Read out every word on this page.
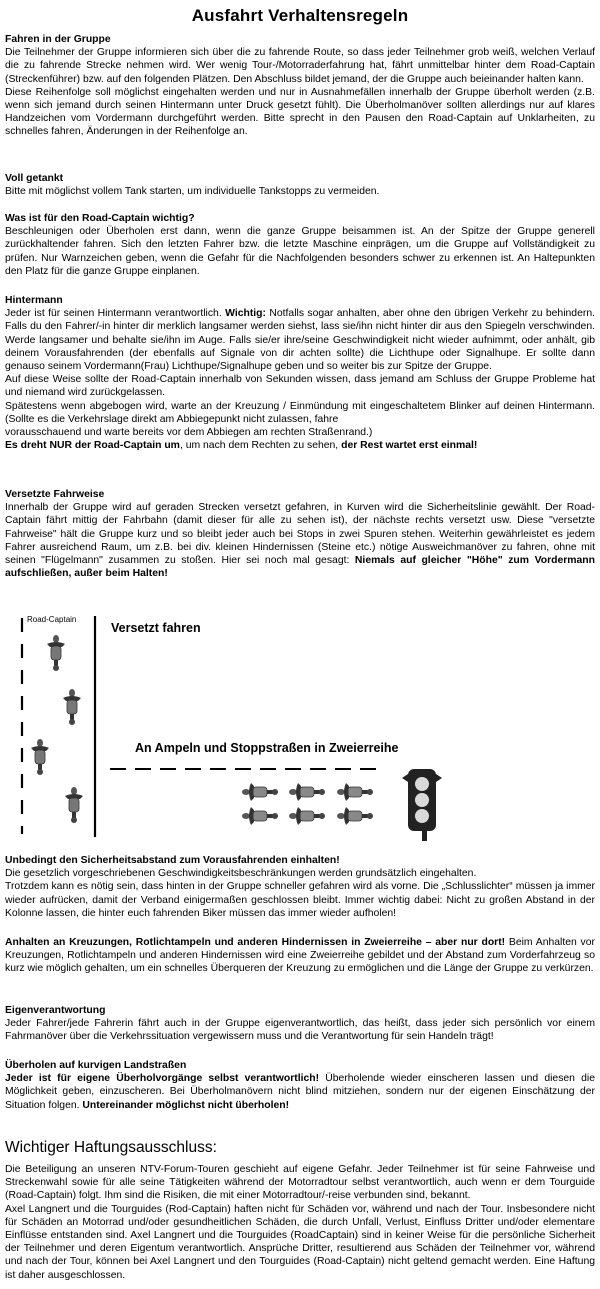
Ausfahrt Verhaltensregeln

Fahren in der Gruppe

Die Teilnehmer der Gruppe informieren sich über die zu fahrende Route, so dass jeder Teilnehmer grob weiß, welchen Verlauf die zu fahrende Strecke nehmen wird. Wer wenig Tour-/Motorraderfahrung hat, fährt unmittelbar hinter dem Road-Captain (Streckenführer) bzw. auf den folgenden Plätzen. Den Abschluss bildet jemand, der die Gruppe auch beieinander halten kann.

Diese Reihenfolge soll möglichst eingehalten werden und nur in Ausnahmefällen innerhalb der Gruppe überholt werden (z.B. wenn sich jemand durch seinen Hintermann unter Druck gesetzt fühlt). Die Überholmanöver sollten allerdings nur auf klares Handzeichen vom Vordermann durchgeführt werden. Bitte sprecht in den Pausen den Road-Captain auf Unklarheiten, zu schnelles fahren, Änderungen in der Reihenfolge an.

Voll getankt

Bitte mit möglichst vollem Tank starten, um individuelle Tankstopps zu vermeiden.

Was ist für den Road-Captain wichtig?

Beschleunigen oder Überholen erst dann, wenn die ganze Gruppe beisammen ist. An der Spitze der Gruppe generell zurückhaltender fahren. Sich den letzten Fahrer bzw. die letzte Maschine einprägen, um die Gruppe auf Vollständigkeit zu prüfen. Nur Warnzeichen geben, wenn die Gefahr für die Nachfolgenden besonders schwer zu erkennen ist. An Haltepunkten den Platz für die ganze Gruppe einplanen.

Hintermann

Jeder ist für seinen Hintermann verantwortlich. Wichtig: Notfalls sogar anhalten, aber ohne den übrigen Verkehr zu behindern. Falls du den Fahrer/-in hinter dir merklich langsamer werden siehst, lass sie/ihn nicht hinter dir aus den Spiegeln verschwinden. Werde langsamer und behalte sie/ihn im Auge. Falls sie/er ihre/seine Geschwindigkeit nicht wieder aufnimmt, oder anhält, gib deinem Vorausfahrenden (der ebenfalls auf Signale von dir achten sollte) die Lichthupe oder Signalhupe. Er sollte dann genauso seinem Vordermann(Frau) Lichthupe/Signalhupe geben und so weiter bis zur Spitze der Gruppe.

Auf diese Weise sollte der Road-Captain innerhalb von Sekunden wissen, dass jemand am Schluss der Gruppe Probleme hat und niemand wird zurückgelassen.

Spätestens wenn abgebogen wird, warte an der Kreuzung / Einmündung mit eingeschaltetem Blinker auf deinen Hintermann. (Sollte es die Verkehrslage direkt am Abbiegepunkt nicht zulassen, fahre

vorausschauend und warte bereits vor dem Abbiegen am rechten Straßenrand.)

Es dreht NUR der Road-Captain um, um nach dem Rechten zu sehen, der Rest wartet erst einmal!

Versetzte Fahrweise

Innerhalb der Gruppe wird auf geraden Strecken versetzt gefahren, in Kurven wird die Sicherheitslinie gewählt. Der Road-Captain fährt mittig der Fahrbahn (damit dieser für alle zu sehen ist), der nächste rechts versetzt usw. Diese "versetzte Fahrweise" hält die Gruppe kurz und so bleibt jeder auch bei Stops in zwei Spuren stehen. Weiterhin gewährleistet es jedem Fahrer ausreichend Raum, um z.B. bei div. kleinen Hindernissen (Steine etc.) nötige Ausweichmanöver zu fahren, ohne mit seinen "Flügelmann" zusammen zu stoßen. Hier sei noch mal gesagt: Niemals auf gleicher "Höhe" zum Vordermann aufschließen, außer beim Halten!

Road-Captain
Versetzt fahren
An Ampeln und Stoppstraßen in Zweierreihe

Unbedingt den Sicherheitsabstand zum Vorausfahrenden einhalten!

Die gesetzlich vorgeschriebenen Geschwindigkeitsbeschränkungen werden grundsätzlich eingehalten.

Trotzdem kann es nötig sein, dass hinten in der Gruppe schneller gefahren wird als vorne. Die „Schlusslichter“ müssen ja immer wieder aufrücken, damit der Verband einigermaßen geschlossen bleibt. Immer wichtig dabei: Nicht zu großen Abstand in der Kolonne lassen, die hinter euch fahrenden Biker müssen das immer wieder aufholen!

Anhalten an Kreuzungen, Rotlichtampeln und anderen Hindernissen in Zweierreihe – aber nur dort! Beim Anhalten vor Kreuzungen, Rotlichtampeln und anderen Hindernissen wird eine Zweierreihe gebildet und der Abstand zum Vorderfahrzeug so kurz wie möglich gehalten, um ein schnelles Überqueren der Kreuzung zu ermöglichen und die Länge der Gruppe zu verkürzen.

Eigenverantwortung

Jeder Fahrer/jede Fahrerin fährt auch in der Gruppe eigenverantwortlich, das heißt, dass jeder sich persönlich vor einem Fahrmanöver über die Verkehrssituation vergewissern muss und die Verantwortung für sein Handeln trägt!

Überholen auf kurvigen Landstraßen

Jeder ist für eigene Überholvorgänge selbst verantwortlich! Überholende wieder einscheren lassen und diesen die Möglichkeit geben, einzuscheren. Bei Überholmanövern nicht blind mitziehen, sondern nur der eigenen Einschätzung der Situation folgen. Untereinander möglichst nicht überholen!

Wichtiger Haftungsausschluss:

Die Beteiligung an unseren NTV-Forum-Touren geschieht auf eigene Gefahr. Jeder Teilnehmer ist für seine Fahrweise und Streckenwahl sowie für alle seine Tätigkeiten während der Motorradtour selbst verantwortlich, auch wenn er dem Tourguide (Road-Captain) folgt. Ihm sind die Risiken, die mit einer Motorradtour/-reise verbunden sind, bekannt.

Axel Langnert und die Tourguides (Rod-Captain) haften nicht für Schäden vor, während und nach der Tour. Insbesondere nicht für Schäden an Motorrad und/oder gesundheitlichen Schäden, die durch Unfall, Verlust, Einfluss Dritter und/oder elementare Einflüsse entstanden sind. Axel Langnert und die Tourguides (RoadCaptain) sind in keiner Weise für die persönliche Sicherheit der Teilnehmer und deren Eigentum verantwortlich. Ansprüche Dritter, resultierend aus Schäden der Teilnehmer vor, während und nach der Tour, können bei Axel Langnert und den Tourguides (Road-Captain) nicht geltend gemacht werden. Eine Haftung ist daher ausgeschlossen.
